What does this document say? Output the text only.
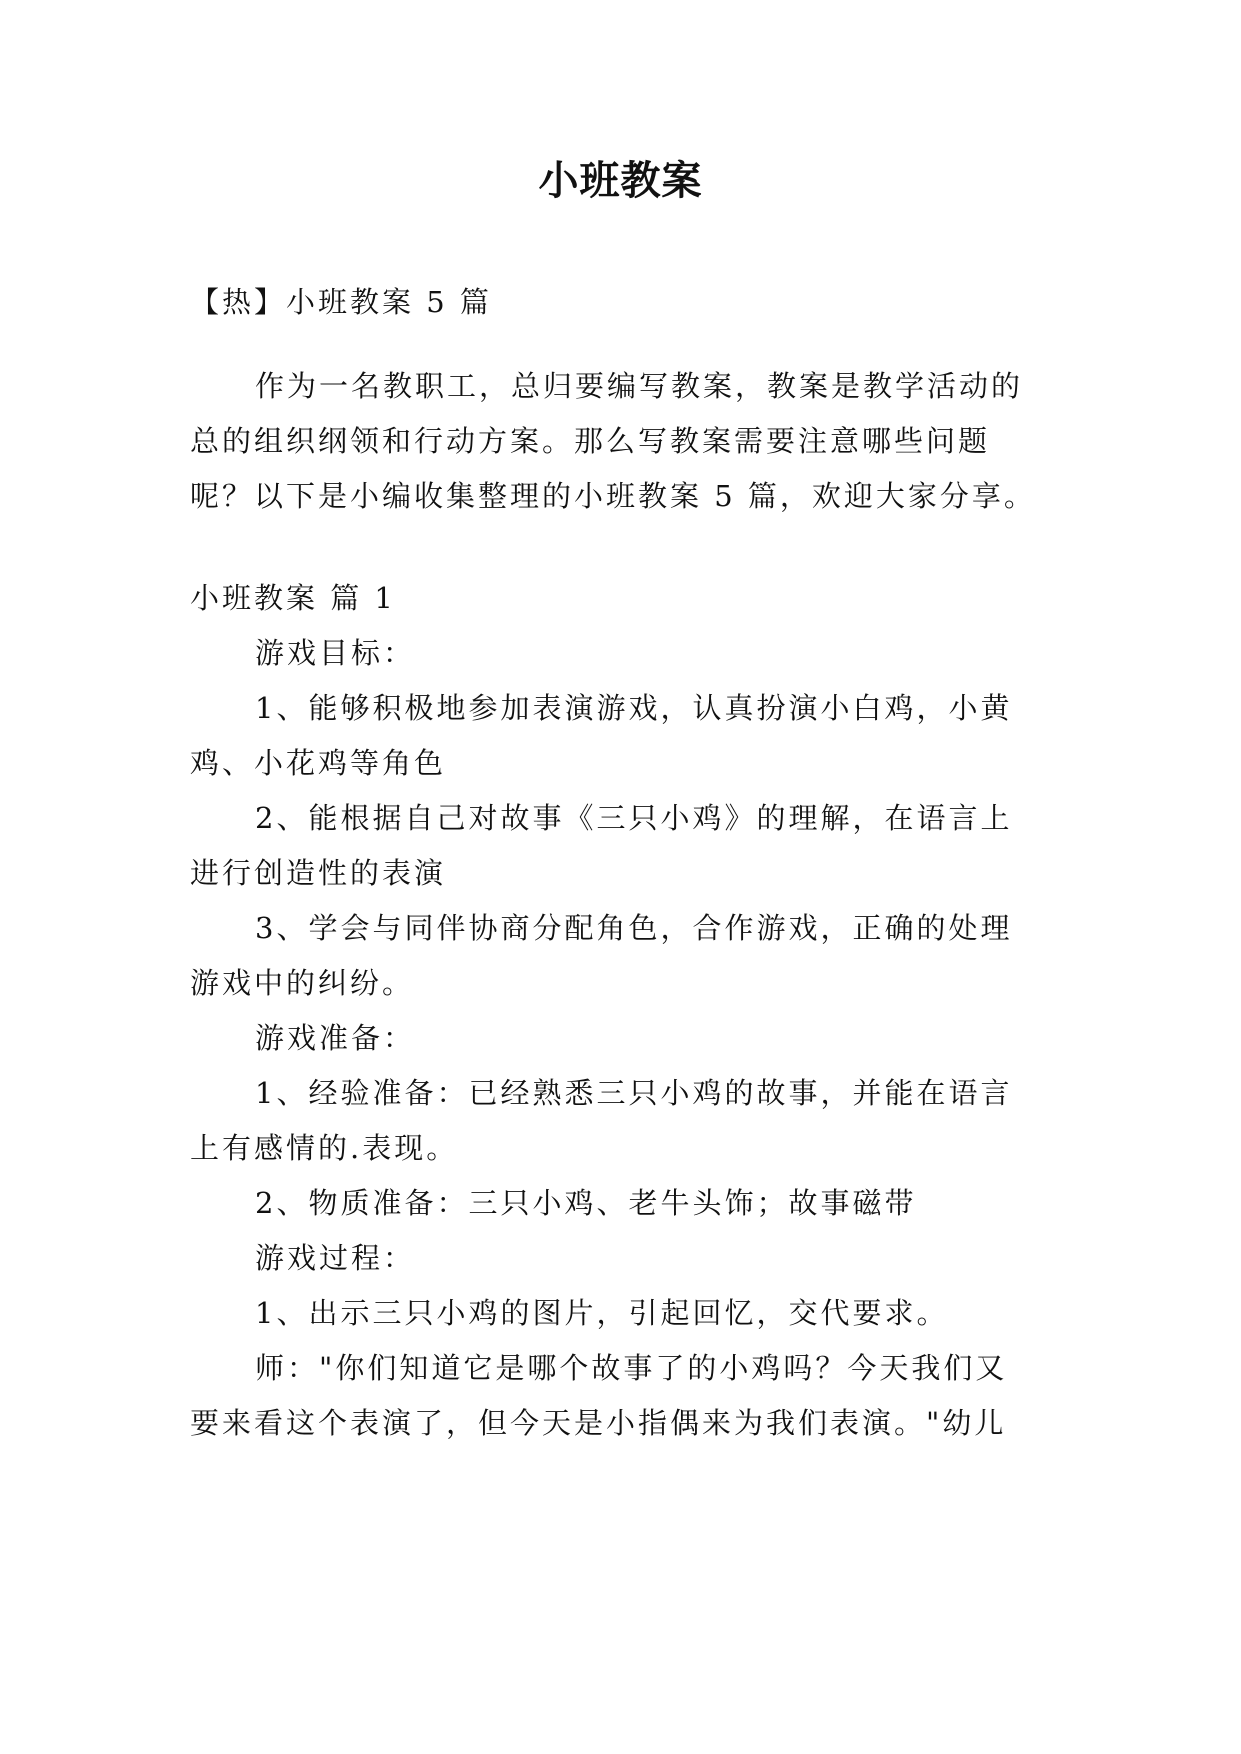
小班教案
【热】小班教案 5 篇
作为一名教职工，总归要编写教案，教案是教学活动的
总的组织纲领和行动方案。那么写教案需要注意哪些问题
呢？以下是小编收集整理的小班教案 5 篇，欢迎大家分享。
小班教案 篇 1
游戏目标：
1、能够积极地参加表演游戏，认真扮演小白鸡，小黄
鸡、小花鸡等角色
2、能根据自己对故事《三只小鸡》的理解，在语言上
进行创造性的表演
3、学会与同伴协商分配角色，合作游戏，正确的处理
游戏中的纠纷。
游戏准备：
1、经验准备：已经熟悉三只小鸡的故事，并能在语言
上有感情的.表现。
2、物质准备：三只小鸡、老牛头饰；故事磁带
游戏过程：
1、出示三只小鸡的图片，引起回忆，交代要求。
师："你们知道它是哪个故事了的小鸡吗？今天我们又
要来看这个表演了，但今天是小指偶来为我们表演。"幼儿
